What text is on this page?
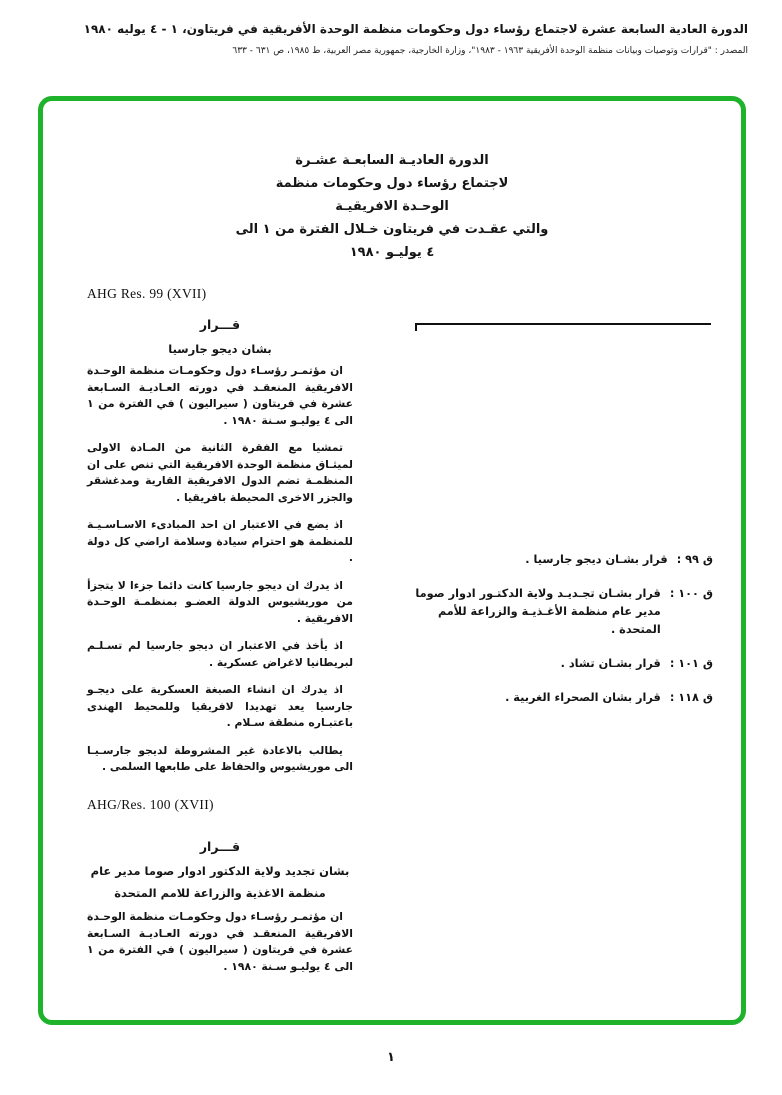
الدورة العادية السابعة عشرة لاجتماع رؤساء دول وحكومات منظمة الوحدة الأفريقية في فريتاون، ١ - ٤ يوليه ١٩٨٠
المصدر : "قرارات وتوصيات وبيانات منظمة الوحدة الأفريقية ١٩٦٣ - ١٩٨٣"، وزارة الخارجية، جمهورية مصر العربية، ط ١٩٨٥، ص ٦٣١ - ٦٣٣
الدورة العاديـة السابعـة عشـرة
لاجتماع رؤساء دول وحكومات منظمة
الوحـدة الافريقيـة
والتي عقـدت في فريتاون خـلال الفترة من ١ الى
٤ يوليـو ١٩٨٠
AHG Res. 99 (XVII)
قـــرار
بشان ديجو جارسيا

ان مؤتمـر رؤسـاء دول وحكومـات منظمة الوحـدة الافريقية المنعقـد في دورته العـاديـة السـابعة عشرة في فريتاون ( سيراليون ) في الفترة من ١ الى ٤ يوليـو سـنة ١٩٨٠ .

تمشيا مع الفقرة الثانية من المـادة الاولى لميثـاق منظمة الوحدة الافريقية التي تنص على ان المنظمـة تضم الدول الافريقية القارية ومدغشقر والجزر الاخرى المحيطة بافريقيا .

اذ يضع في الاعتبار ان احد المبادىء الاسـاسـيـة للمنظمة هو احترام سيادة وسلامة اراضي كل دولة .

اذ يدرك ان ديجو جارسيا كانت دائما جزءا لا يتجزأ من موريشيوس الدولة العضـو بمنظمـة الوحـدة الافريقية .

اذ يأخذ في الاعتبار ان ديجو جارسيا لم تسـلـم لبريطانيا لاغراض عسكرية .

اذ يدرك ان انشاء الصبغة العسكرية على ديجـو جارسيا يعد تهديدا لافريقيا وللمحيط الهندى باعتبـاره منطقة سـلام .

يطالب بالاعادة غير المشروطة لديجو جارسـيـا الى موريشيوس والحفاظ على طابعها السلمى .

ق ٩٩ :
قرار بشـان ديجو جارسيا .
ق ١٠٠ :
قرار بشـان تجـديـد ولاية الدكتـور ادوار صوما مدير عام منظمة الأغـذيـة والزراعة للأمم المتحدة .
ق ١٠١ :
قرار بشـان تشاد .
ق ١١٨ :
قرار بشان الصحراء الغربية .
AHG/Res. 100 (XVII)
قـــرار
بشان تجديد ولاية الدكتور ادوار صوما مدير عام
منظمة الاغذية والزراعة للامم المتحدة

ان مؤتمـر رؤسـاء دول وحكومـات منظمة الوحـدة الافريقية المنعقـد في دورته العـاديـة السـابعة عشرة في فريتاون ( سيراليون ) في الفترة من ١ الى ٤ يوليـو سـنة ١٩٨٠ .

١
